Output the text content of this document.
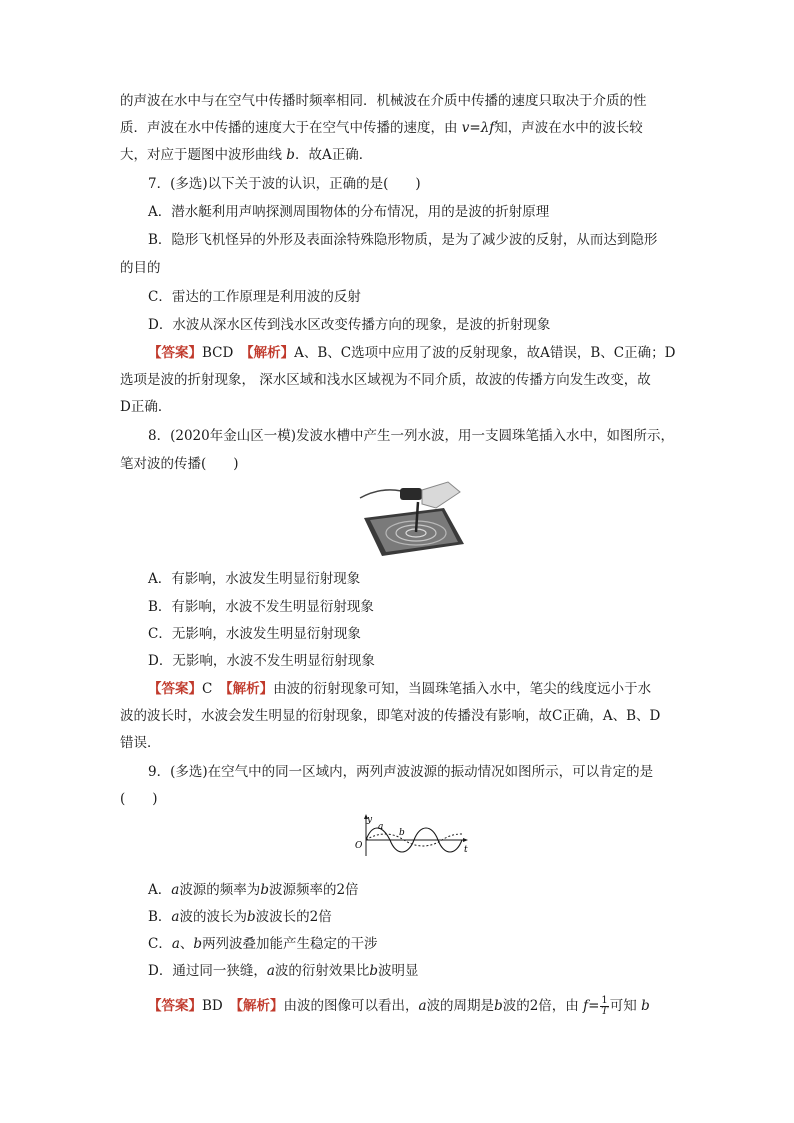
的声波在水中与在空气中传播时频率相同．机械波在介质中传播的速度只取决于介质的性
质．声波在水中传播的速度大于在空气中传播的速度，由 v=λf知，声波在水中的波长较
大，对应于题图中波形曲线 b．故A正确．
7．(多选)以下关于波的认识，正确的是(　　)
A．潜水艇利用声呐探测周围物体的分布情况，用的是波的折射原理
B．隐形飞机怪异的外形及表面涂特殊隐形物质，是为了减少波的反射，从而达到隐形
的目的
C．雷达的工作原理是利用波的反射
D．水波从深水区传到浅水区改变传播方向的现象，是波的折射现象
【答案】BCD　 【解析】A、B、C选项中应用了波的反射现象，故A错误，B、C正确；D
选项是波的折射现象， 深水区域和浅水区域视为不同介质，故波的传播方向发生改变，故
D正确．
8．(2020年金山区一模)发波水槽中产生一列水波，用一支圆珠笔插入水中，如图所示，
笔对波的传播(　　)
A．有影响，水波发生明显衍射现象
B．有影响，水波不发生明显衍射现象
C．无影响，水波发生明显衍射现象
D．无影响，水波不发生明显衍射现象
【答案】C　 【解析】由波的衍射现象可知，当圆珠笔插入水中，笔尖的线度远小于水
波的波长时，水波会发生明显的衍射现象，即笔对波的传播没有影响，故C正确，A、B、D
错误．
9．(多选)在空气中的同一区域内，两列声波波源的振动情况如图所示，可以肯定的是
(　　)
y
t
O
a
b
A．a波源的频率为b波源频率的2倍
B．a波的波长为b波波长的2倍
C．a、b两列波叠加能产生稳定的干涉
D．通过同一狭缝，a波的衍射效果比b波明显
【答案】BD　 【解析】由波的图像可以看出，a波的周期是b波的2倍，由 $f= \frac{1}{T}$ 可知 b
